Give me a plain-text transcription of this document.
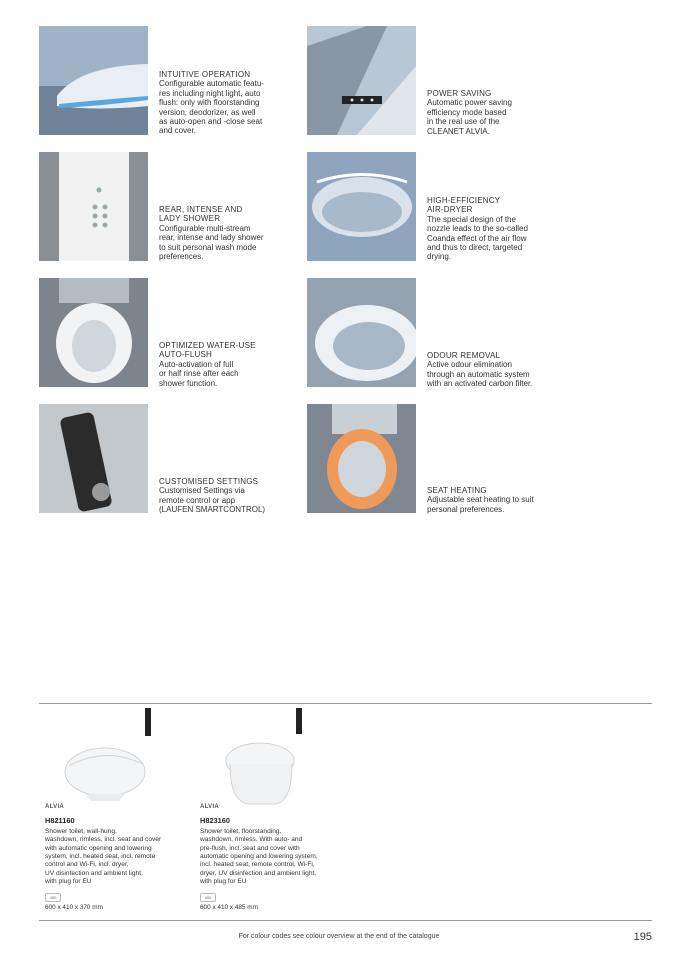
INTUITIVE OPERATION
Configurable automatic featu-
res including night light, auto
flush: only with floorstanding
version, deodorizer, as well
as auto-open and -close seat
and cover.
POWER SAVING
Automatic power saving
efficiency mode based
in the real use of the
CLEANET ALVIA.
REAR, INTENSE AND
LADY SHOWER
Configurable multi-stream
rear, intense and lady shower
to suit personal wash mode
preferences.
HIGH-EFFICIENCY
AIR-DRYER
The special design of the
nozzle leads to the so-called
Coanda effect of the air flow
and thus to direct, targeted
drying.
OPTIMIZED WATER-USE
AUTO-FLUSH
Auto-activation of full
or half rinse after each
shower function.
ODOUR REMOVAL
Active odour elimination
through an automatic system
with an activated carbon filter.
CUSTOMISED SETTINGS
Customised Settings via
remote control or app
(LAUFEN SMARTCONTROL)
SEAT HEATING
Adjustable seat heating to suit
personal preferences.
ALVIA
H821160
Shower toilet, wall-hung,
washdown, rimless, incl. seat and cover
with automatic opening and lowering
system, incl. heated seat, incl. remote
control and Wi-Fi, incl. dryer,
UV disinfection and ambient light,
with plug for EU
400
600 x 410 x 370 mm
ALVIA
H823160
Shower toilet, floorstanding,
washdown, rimless. With auto- and
pre-flush, incl. seat and cover with
automatic opening and lowering system,
incl. heated seat, remote control, Wi-Fi,
dryer, UV disinfection and ambient light,
with plug for EU
400
600 x 410 x 485 mm
For colour codes see colour overview at the end of the catalogue	195
